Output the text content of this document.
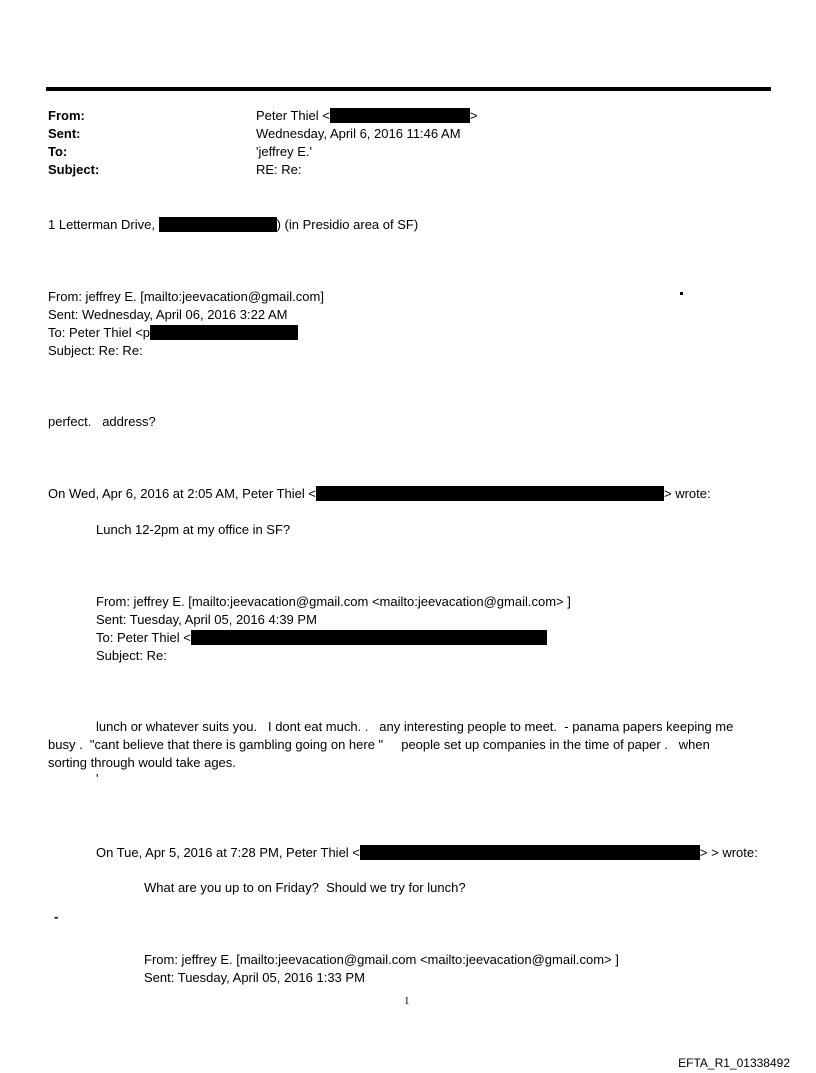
From:	Peter Thiel <	>
Sent:	Wednesday, April 6, 2016 11:46 AM
To:	'jeffrey E.'
Subject:	RE: Re:
1 Letterman Drive,	) (in Presidio area of SF)
From: jeffrey E. [mailto:jeevacation@gmail.com]
Sent: Wednesday, April 06, 2016 3:22 AM
To: Peter Thiel <p
Subject: Re: Re:
perfect.   address?
On Wed, Apr 6, 2016 at 2:05 AM, Peter Thiel <	> wrote:
Lunch 12-2pm at my office in SF?
From: jeffrey E. [mailto:jeevacation@gmail.com <mailto:jeevacation@gmail.com> ]
Sent: Tuesday, April 05, 2016 4:39 PM
To: Peter Thiel <
Subject: Re:
lunch or whatever suits you.   I dont eat much. .   any interesting people to meet.  - panama papers keeping me
busy .  "cant believe that there is gambling going on here "     people set up companies in the time of paper .   when
sorting through would take ages.
'
On Tue, Apr 5, 2016 at 7:28 PM, Peter Thiel <	> > wrote:
What are you up to on Friday?  Should we try for lunch?
-
From: jeffrey E. [mailto:jeevacation@gmail.com <mailto:jeevacation@gmail.com> ]
Sent: Tuesday, April 05, 2016 1:33 PM
1
EFTA_R1_01338492
